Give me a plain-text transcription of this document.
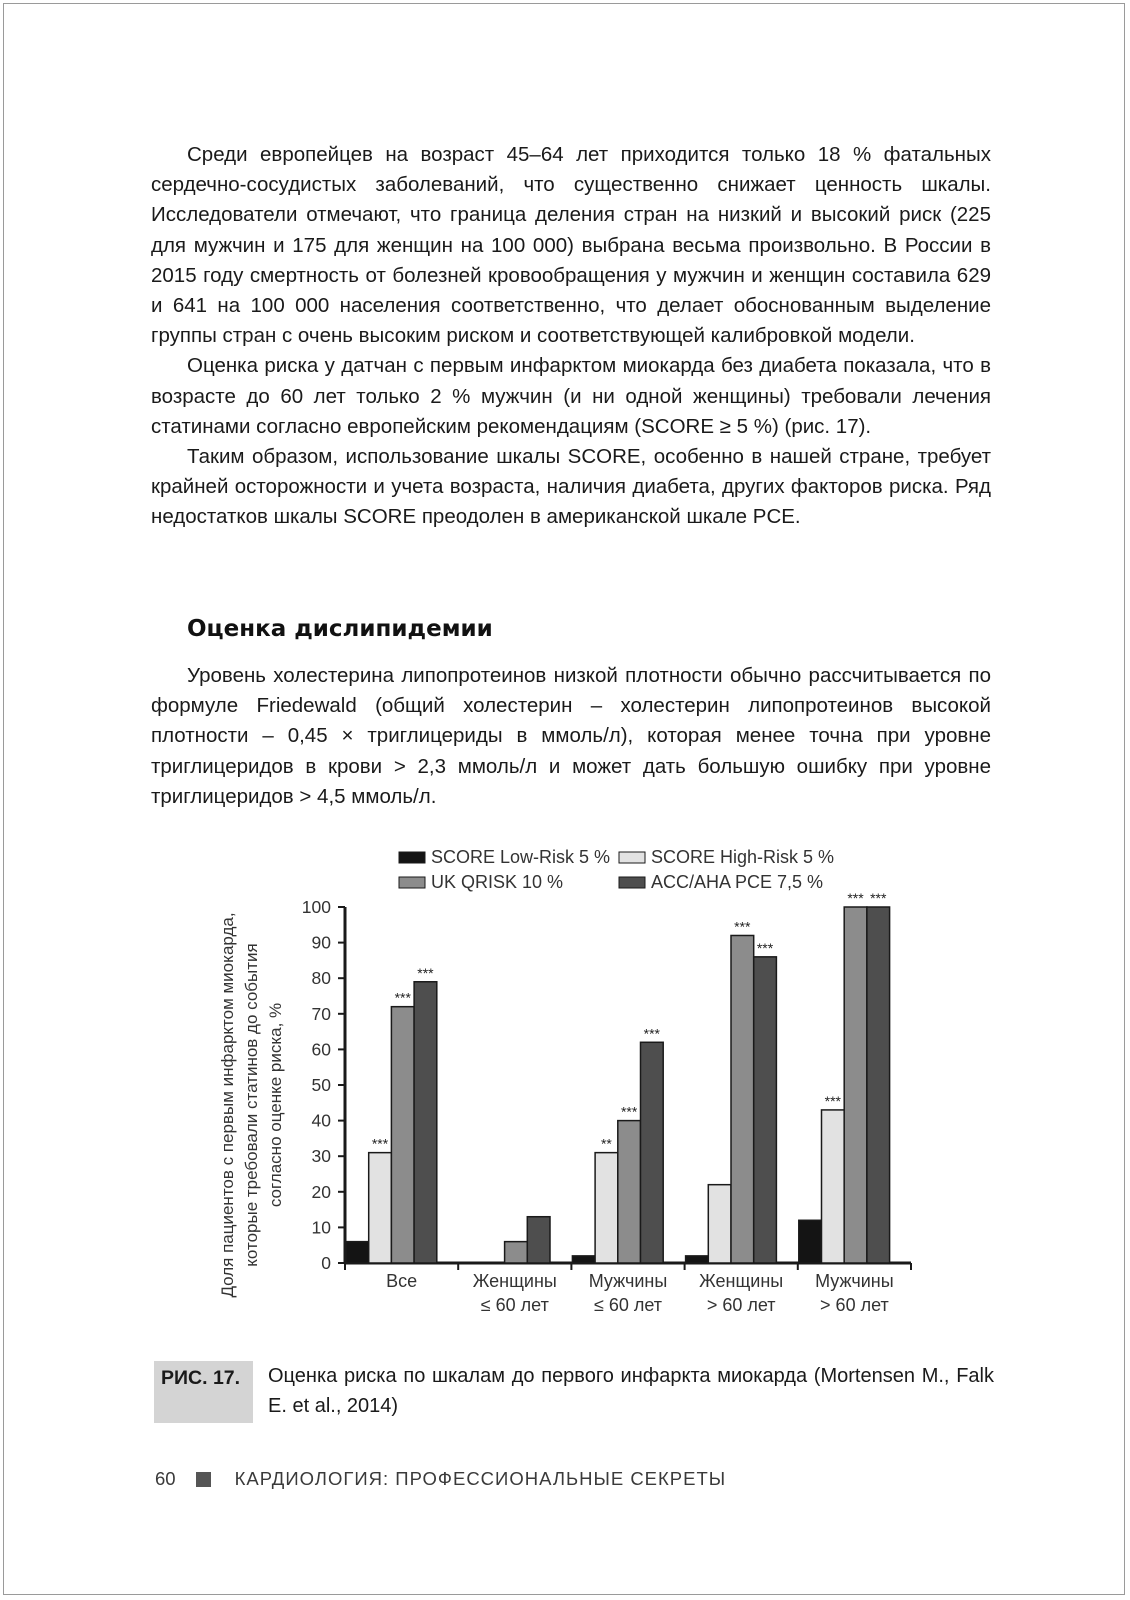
Среди европейцев на возраст 45–64 лет приходится только 18 % фатальных сердечно-сосудистых заболеваний, что существенно снижает ценность шкалы. Исследователи отмечают, что граница деления стран на низкий и высокий риск (225 для мужчин и 175 для женщин на 100 000) выбрана весьма произвольно. В России в 2015 году смертность от болезней кровообращения у мужчин и женщин составила 629 и 641 на 100 000 населения соответственно, что делает обоснованным выделение группы стран с очень высоким риском и соответствующей калибровкой модели.

Оценка риска у датчан с первым инфарктом миокарда без диабета показала, что в возрасте до 60 лет только 2 % мужчин (и ни одной женщины) требовали лечения статинами согласно европейским рекомендациям (SCORE ≥ 5 %) (рис. 17).

Таким образом, использование шкалы SCORE, особенно в нашей стране, требует крайней осторожности и учета возраста, наличия диабета, других факторов риска. Ряд недостатков шкалы SCORE преодолен в американской шкале PCE.

Оценка дислипидемии

Уровень холестерина липопротеинов низкой плотности обычно рассчитывается по формуле Friedewald (общий холестерин – холестерин липопротеинов высокой плотности – 0,45 × триглицериды в ммоль/л), которая менее точна при уровне триглицеридов в крови > 2,3 ммоль/л и может дать большую ошибку при уровне триглицеридов > 4,5 ммоль/л.

SCORE Low-Risk 5 % SCORE High-Risk 5 %
UK QRISK 10 %	ACC/AHA PCE 7,5 %
0
10
20
30
40
50
60
70
80
90
100
***	**
***
***
***
***
***
***
***
***
***
Все	Женщины
≤ 60 лет
Мужчины
≤ 60 лет
Женщины
> 60 лет
Мужчины
> 60 лет
Доля пациентов с первым инфарктом миокарда, которые требовали статинов до события согласно оценке риска, %
РИС. 17.	Оценка риска по шкалам до первого инфаркта миокарда (Mortensen M., Falk E. et al., 2014)
60	КАРДИОЛОГИЯ: ПРОФЕССИОНАЛЬНЫЕ СЕКРЕТЫ
